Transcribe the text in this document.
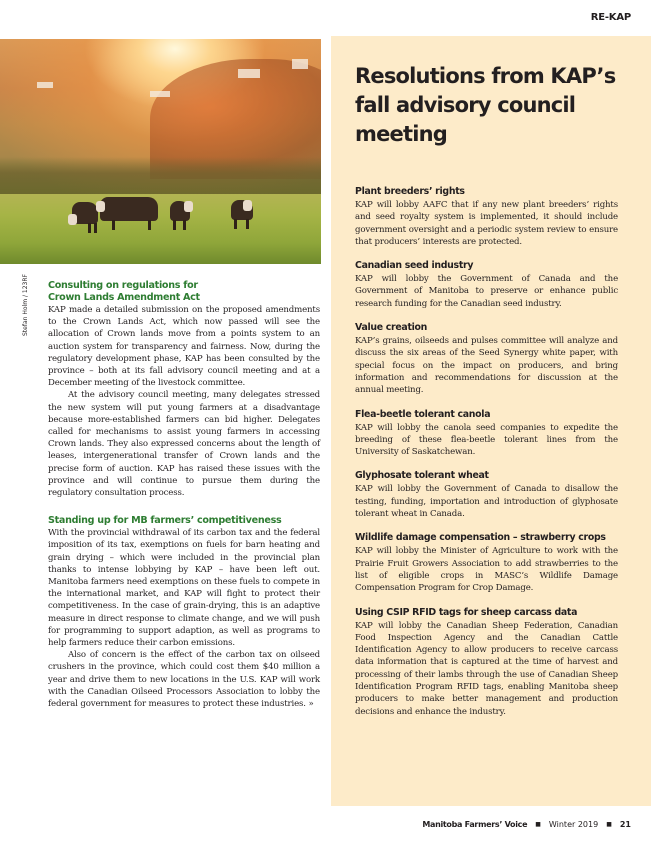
RE-KAP
Stefan Holm / 123RF Consulting on regulations for
Crown Lands Amendment Act

KAP made a detailed submission on the proposed amendments to the Crown Lands Act, which now passed will see the allocation of Crown lands move from a points system to an auction system for transparency and fairness. Now, during the regulatory development phase, KAP has been consulted by the province – both at its fall advisory council meeting and at a December meeting of the livestock committee.

At the advisory council meeting, many delegates stressed the new system will put young farmers at a disadvantage because more-established farmers can bid higher. Delegates called for mechanisms to assist young farmers in accessing Crown lands. They also expressed concerns about the length of leases, intergenerational transfer of Crown lands and the precise form of auction. KAP has raised these issues with the province and will continue to pursue them during the regulatory consultation process.

Standing up for MB farmers’ competitiveness

With the provincial withdrawal of its carbon tax and the federal imposition of its tax, exemptions on fuels for barn heating and grain drying – which were included in the provincial plan thanks to intense lobbying by KAP – have been left out. Manitoba farmers need exemptions on these fuels to compete in the international market, and KAP will fight to protect their competitiveness. In the case of grain-drying, this is an adaptive measure in direct response to climate change, and we will push for programming to support adaption, as well as programs to help farmers reduce their carbon emissions.

Also of concern is the effect of the carbon tax on oilseed crushers in the province, which could cost them $40 million a year and drive them to new locations in the U.S. KAP will work with the Canadian Oilseed Processors Association to lobby the federal government for measures to protect these industries. »

Resolutions from KAP’s fall advisory council meeting
Plant breeders’ rights

KAP will lobby AAFC that if any new plant breeders’ rights and seed royalty system is implemented, it should include government oversight and a periodic system review to ensure that producers’ interests are protected.

Canadian seed industry

KAP will lobby the Government of Canada and the Government of Manitoba to preserve or enhance public research funding for the Canadian seed industry.

Value creation

KAP’s grains, oilseeds and pulses committee will analyze and discuss the six areas of the Seed Synergy white paper, with special focus on the impact on producers, and bring information and recommendations for discussion at the annual meeting.

Flea-beetle tolerant canola

KAP will lobby the canola seed companies to expedite the breeding of these flea-beetle tolerant lines from the University of Saskatchewan.

Glyphosate tolerant wheat

KAP will lobby the Government of Canada to disallow the testing, funding, importation and introduction of glyphosate tolerant wheat in Canada.

Wildlife damage compensation – strawberry crops

KAP will lobby the Minister of Agriculture to work with the Prairie Fruit Growers Association to add strawberries to the list of eligible crops in MASC’s Wildlife Damage Compensation Program for Crop Damage.

Using CSIP RFID tags for sheep carcass data

KAP will lobby the Canadian Sheep Federation, Canadian Food Inspection Agency and the Canadian Cattle Identification Agency to allow producers to receive carcass data information that is captured at the time of harvest and processing of their lambs through the use of Canadian Sheep Identification Program RFID tags, enabling Manitoba sheep producers to make better management and production decisions and enhance the industry.

Manitoba Farmers’ Voice ■ Winter 2019 ■ 21
